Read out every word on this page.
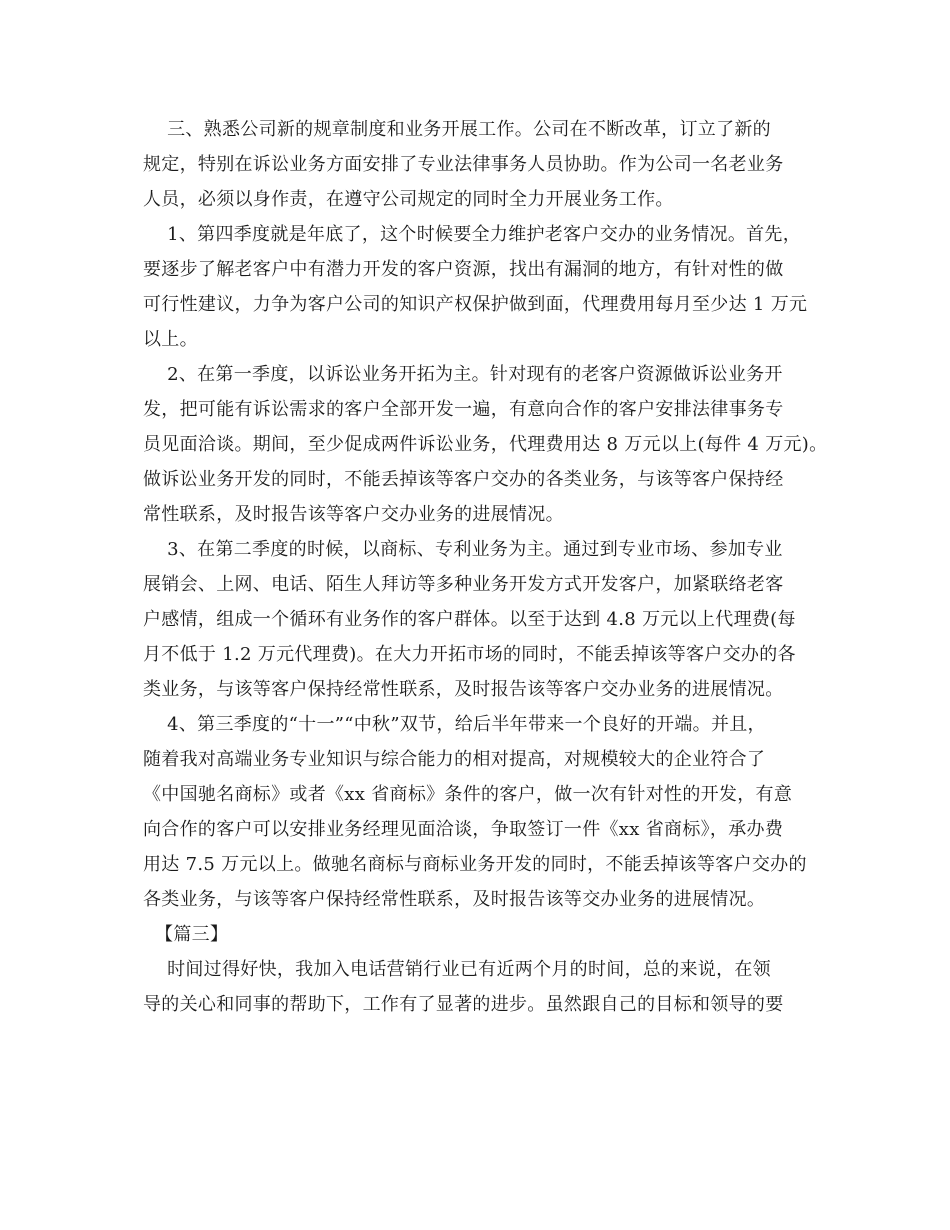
三、熟悉公司新的规章制度和业务开展工作。公司在不断改革，订立了新的
规定，特别在诉讼业务方面安排了专业法律事务人员协助。作为公司一名老业务
人员，必须以身作责，在遵守公司规定的同时全力开展业务工作。
1、第四季度就是年底了，这个时候要全力维护老客户交办的业务情况。首先，
要逐步了解老客户中有潜力开发的客户资源，找出有漏洞的地方，有针对性的做
可行性建议，力争为客户公司的知识产权保护做到面，代理费用每月至少达 1 万元
以上。
2、在第一季度，以诉讼业务开拓为主。针对现有的老客户资源做诉讼业务开
发，把可能有诉讼需求的客户全部开发一遍，有意向合作的客户安排法律事务专
员见面洽谈。期间，至少促成两件诉讼业务，代理费用达 8 万元以上(每件 4 万元)。
做诉讼业务开发的同时，不能丢掉该等客户交办的各类业务，与该等客户保持经
常性联系，及时报告该等客户交办业务的进展情况。
3、在第二季度的时候，以商标、专利业务为主。通过到专业市场、参加专业
展销会、上网、电话、陌生人拜访等多种业务开发方式开发客户，加紧联络老客
户感情，组成一个循环有业务作的客户群体。以至于达到 4.8 万元以上代理费(每
月不低于 1.2 万元代理费)。在大力开拓市场的同时，不能丢掉该等客户交办的各
类业务，与该等客户保持经常性联系，及时报告该等客户交办业务的进展情况。
4、第三季度的“十一”“中秋”双节，给后半年带来一个良好的开端。并且，
随着我对高端业务专业知识与综合能力的相对提高，对规模较大的企业符合了
《中国驰名商标》或者《xx 省商标》条件的客户，做一次有针对性的开发，有意
向合作的客户可以安排业务经理见面洽谈，争取签订一件《xx 省商标》，承办费
用达 7.5 万元以上。做驰名商标与商标业务开发的同时，不能丢掉该等客户交办的
各类业务，与该等客户保持经常性联系，及时报告该等交办业务的进展情况。
【篇三】
时间过得好快，我加入电话营销行业已有近两个月的时间，总的来说，在领
导的关心和同事的帮助下，工作有了显著的进步。虽然跟自己的目标和领导的要
